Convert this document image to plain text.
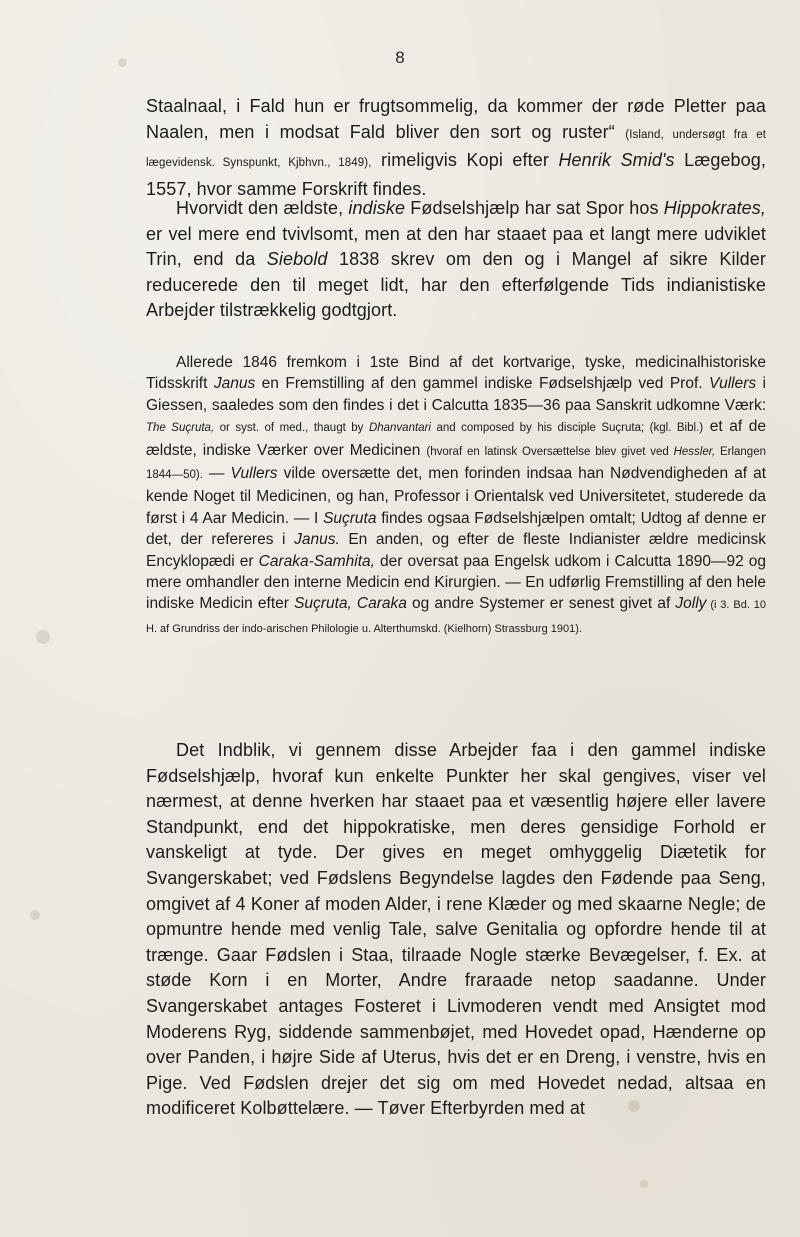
8

Staalnaal, i Fald hun er frugtsommelig, da kommer der røde Pletter paa Naalen, men i modsat Fald bliver den sort og ruster“ (Island, undersøgt fra et lægevidensk. Synspunkt, Kjbhvn., 1849), rimeligvis Kopi efter Henrik Smid's Lægebog, 1557, hvor samme Forskrift findes.

Hvorvidt den ældste, indiske Fødselshjælp har sat Spor hos Hippokrates, er vel mere end tvivlsomt, men at den har staaet paa et langt mere udviklet Trin, end da Siebold 1838 skrev om den og i Mangel af sikre Kilder reducerede den til meget lidt, har den efterfølgende Tids indianistiske Arbejder tilstrækkelig godtgjort.

Allerede 1846 fremkom i 1ste Bind af det kortvarige, tyske, medicinalhistoriske Tidsskrift Janus en Fremstilling af den gammel indiske Fødselshjælp ved Prof. Vullers i Giessen, saaledes som den findes i det i Calcutta 1835—36 paa Sanskrit udkomne Værk: The Suçruta, or syst. of med., thaugt by Dhanvantari and composed by his disciple Suçruta; (kgl. Bibl.) et af de ældste, indiske Værker over Medicinen (hvoraf en latinsk Oversættelse blev givet ved Hessler, Erlangen 1844—50). — Vullers vilde oversætte det, men forinden indsaa han Nødvendigheden af at kende Noget til Medicinen, og han, Professor i Orientalsk ved Universitetet, studerede da først i 4 Aar Medicin. — I Suçruta findes ogsaa Fødselshjælpen omtalt; Udtog af denne er det, der refereres i Janus. En anden, og efter de fleste Indianister ældre medicinsk Encyklopædi er Caraka-Samhita, der oversat paa Engelsk udkom i Calcutta 1890—92 og mere omhandler den interne Medicin end Kirurgien. — En udførlig Fremstilling af den hele indiske Medicin efter Suçruta, Caraka og andre Systemer er senest givet af Jolly (i 3. Bd. 10 H. af Grundriss der indo-arischen Philologie u. Alterthumskd. (Kielhorn) Strassburg 1901).

Det Indblik, vi gennem disse Arbejder faa i den gammel indiske Fødselshjælp, hvoraf kun enkelte Punkter her skal gengives, viser vel nærmest, at denne hverken har staaet paa et væsentlig højere eller lavere Standpunkt, end det hippokratiske, men deres gensidige Forhold er vanskeligt at tyde. Der gives en meget omhyggelig Diætetik for Svangerskabet; ved Fødslens Begyndelse lagdes den Fødende paa Seng, omgivet af 4 Koner af moden Alder, i rene Klæder og med skaarne Negle; de opmuntre hende med venlig Tale, salve Genitalia og opfordre hende til at trænge. Gaar Fødslen i Staa, tilraade Nogle stærke Bevægelser, f. Ex. at støde Korn i en Morter, Andre fraraade netop saadanne. Under Svangerskabet antages Fosteret i Livmoderen vendt med Ansigtet mod Moderens Ryg, siddende sammenbøjet, med Hovedet opad, Hænderne op over Panden, i højre Side af Uterus, hvis det er en Dreng, i venstre, hvis en Pige. Ved Fødslen drejer det sig om med Hovedet nedad, altsaa en modificeret Kolbøttelære. — Tøver Efterbyrden med at
